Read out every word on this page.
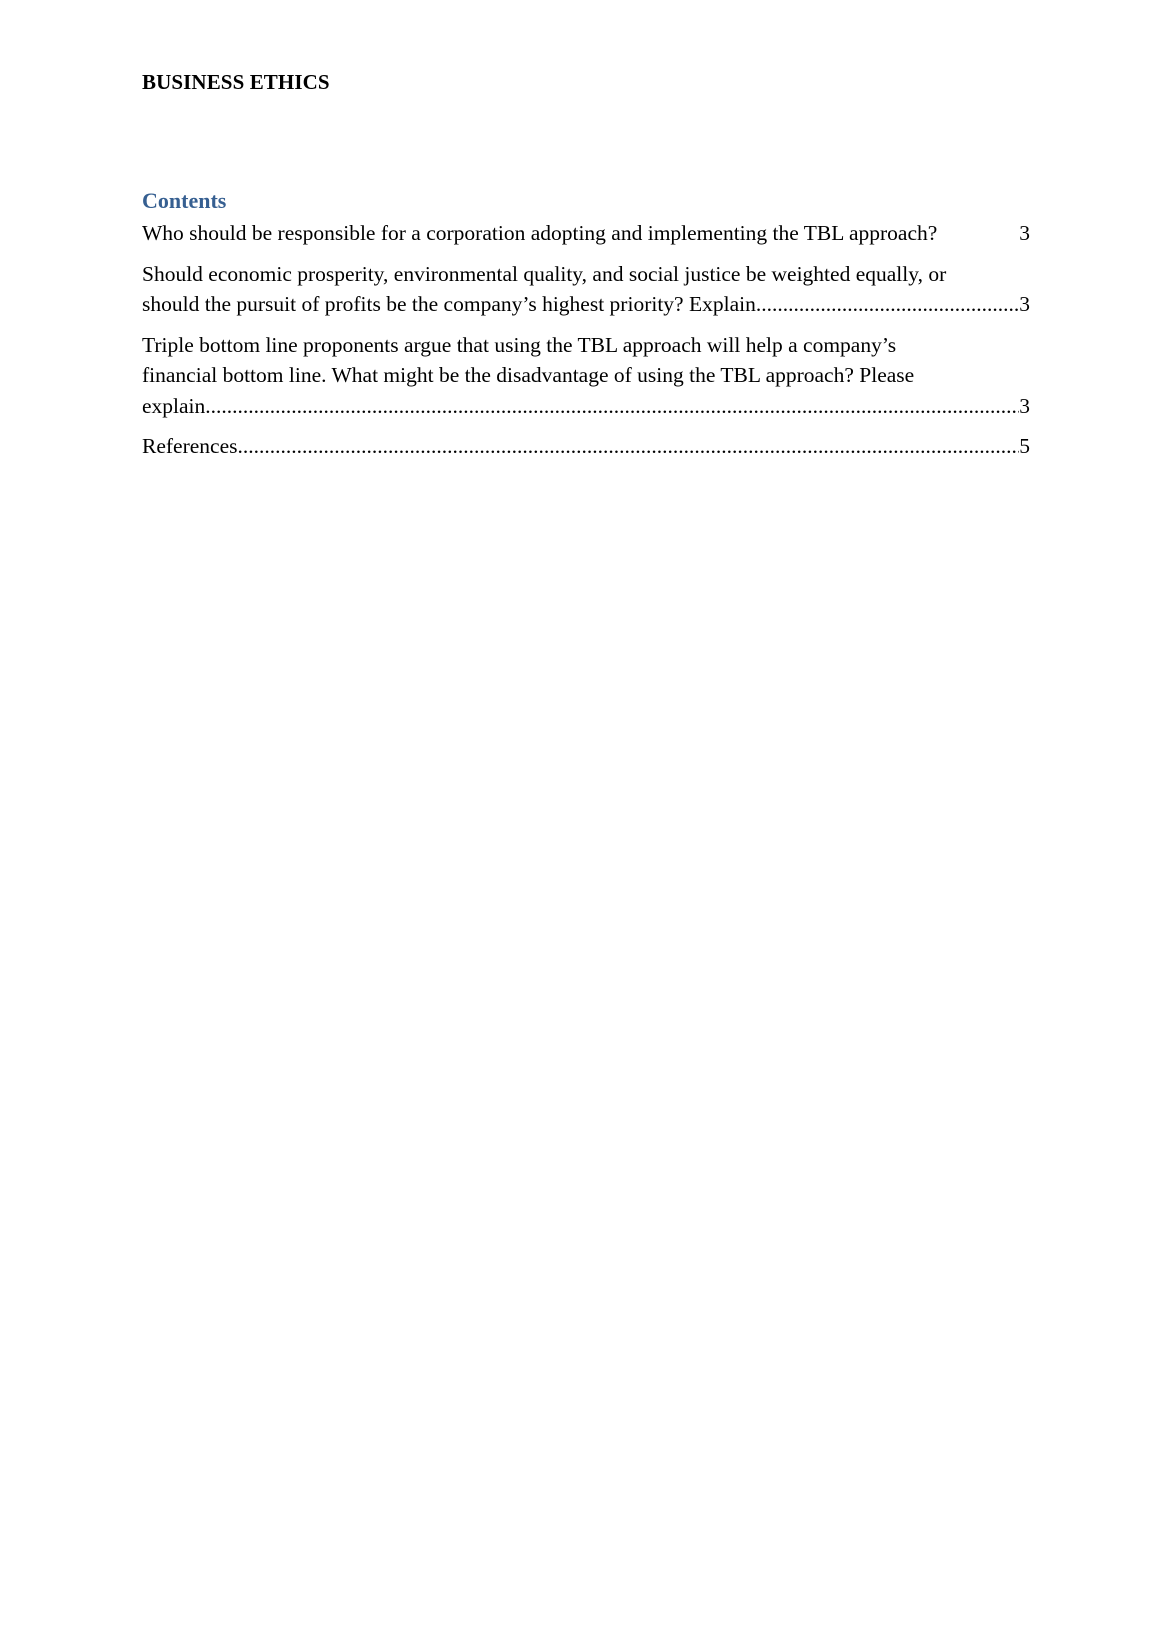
BUSINESS ETHICS
Contents
Who should be responsible for a corporation adopting and implementing the TBL approach?	3
Should economic prosperity, environmental quality, and social justice be weighted equally, or
should the pursuit of profits be the company’s highest priority? Explain .....	3
Triple bottom line proponents argue that using the TBL approach will help a company’s
financial bottom line. What might be the disadvantage of using the TBL approach? Please
explain .....	3
References .....	5
